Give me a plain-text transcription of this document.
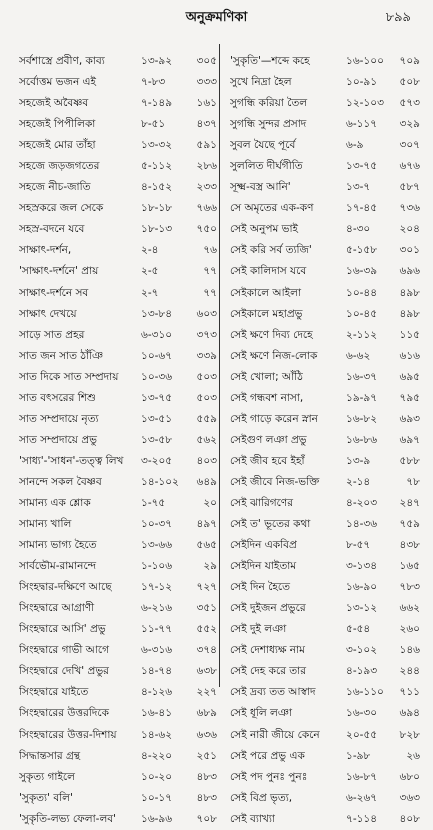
অনুক্রমণিকা	৮৯৯
সর্বশাস্ত্রে প্রবীণ, কাব্য	১৩-৯২ ৩০৫
সর্বোত্তম ভজন এই	৭-৮৩	৩৩৩
সহজেই অবৈষ্ণব	৭-১৪৯ ১৬১
সহজেই পিপীলিকা	৮-৫১	৪৩৭
সহজেই মোর তাঁহা	১৩-৩২ ৫৯১
সহজে জড়জগতের	৫-১১২ ২৮৬
সহজে নীচ-জাতি	৪-১৫২ ২৩৩
সহস্রকরে জল সেকে	১৮-১৮ ৭৬৬
সহস্র-বদনে যবে	১৮-১৩ ৭৫০
সাক্ষাৎ-দর্শন,	২-৪	৭৬
'সাক্ষাৎ-দর্শনে' প্রায়	২-৫	৭৭
সাক্ষাৎ-দর্শনে সব	২-৭	৭৭
সাক্ষাৎ দেখয়ে	১৩-৮৪ ৬০৩
সাড়ে সাত প্রহর	৬-৩১০ ৩৭৩
সাত জন সাত ঠাঁঞি	১০-৬৭ ৩৩৯
সাত দিকে সাত সম্প্রদায়	১০-৩৬ ৫০৩
সাত বৎসরের শিশু	১৩-৭৫ ৫০৩
সাত সম্প্রদায়ে নৃত্য	১৩-৫১ ৫৫৯
সাত সম্প্রদায়ে প্রভু	১৩-৫৮ ৫৬২
'সাধ্য'-'সাধন'-তত্ত্ব লিখ	৩-২০৫ ৪০৩
সানন্দে সকল বৈষ্ণব	১৪-১০২ ৬৪৯
সামান্য এক শ্লোক	১-৭৫	২০
সামান্য খালি	১০-৩৭ ৪৯৭
সামান্য ভাগ্য হৈতে	১৩-৬৬ ৫৬৫
সার্বভৌম-রামানন্দে	১-১০৬	২৯
সিংহদ্বার-দক্ষিণে আছে	১৭-১২ ৭২৭
সিংহদ্বারে আগ্রাণী	৬-২১৬ ৩৫১
সিংহদ্বারে আসি' প্রভু	১১-৭৭ ৫৫২
সিংহদ্বারে গাভী আগে	৬-৩১৬ ৩৭৪
সিংহদ্বারে দেখি' প্রভুর	১৪-৭৪ ৬৩৮
সিংহদ্বারে যাইতে	৪-১২৬ ২২৭
সিংহদ্বারের উত্তরদিকে	১৬-৪১ ৬৮৯
সিংহদ্বারের উত্তর-দিশায়	১৪-৬২ ৬৩৬
সিদ্ধান্তসার গ্রন্থ	৪-২২০ ২৫১
সুকৃত্য গাইলে	১০-২০ ৪৮৩
'সুকৃত্য' বলি'	১০-১৭ ৪৮৩
'সুকৃতি-লভ্য ফেলা-লব'	১৬-৯৬ ৭০৮
'সুকৃতি'—শব্দে কহে	১৬-১০০ ৭০৯
সুখে নিদ্রা হৈল	১০-৯১ ৫০৮
সুগন্ধি করিয়া তৈল	১২-১০৩ ৫৭৩
সুগন্ধি সুন্দর প্রসাদ	৬-১১৭ ৩২৯
সুবল যৈছে পূর্বে	৬-৯	৩০৭
সুললিত দীর্ঘগীতি	১৩-৭৫ ৬৭৬
সূক্ষ্ম-বস্ত্র আনি'	১৩-৭	৫৮৭
সে অমৃতের এক-কণ	১৭-৪৫ ৭৩৬
সেই অনুপম ভাই	৪-৩০	২০৪
সেই করি সর্ব ত্যজি'	৫-১৫৮ ৩০১
সেই কালিদাস যবে	১৬-৩৯ ৬৯৬
সেইকালে আইলা	১০-৪৪ ৪৯৮
সেইকালে মহাপ্রভু	১০-৪৫ ৪৯৮
সেই ক্ষণে দিব্য দেহে	২-১১২ ১১৫
সেই ক্ষণে নিজ-লোক	৬-৬২	৬১৬
সেই খোলা; আঁঠি	১৬-৩৭ ৬৯৫
সেই গন্ধবশ নাসা,	১৯-৯৭ ৭৯৫
সেই গাড়ে করেন স্নান	১৬-৮২ ৬৯৩
সেইগুণ লঞা প্রভু	১৬-৮৬ ৬৯৭
সেই জীব হবে ইহাঁ	১৩-৯	৫৮৮
সেই জীবে নিজ-ভক্তি	২-১৪	৭৮
সেই ঝারিগণের	৪-২০৩ ২৪৭
সেই ত' ভূতের কথা	১৪-৩৬ ৭৫৯
সেইদিন একবিপ্র	৮-৫৭	৪৩৮
সেইদিন যাইতাম	৩-১৩৪ ১৬৫
সেই দিন হৈতে	১৬-৯০ ৭৮৩
সেই দুইজন প্রভুরে	১৩-১২ ৬৬২
সেই দুই লঞা	৫-৫৪	২৬০
সেই দেশাধ্যক্ষ নাম	৩-১০২ ১৪৬
সেই দেহ করে তার	৪-১৯৩ ২৪৪
সেই দ্রব্য তত আস্বাদ	১৬-১১০ ৭১১
সেই ধূলি লঞা	১৬-৩০ ৬৯৪
সেই নারী জীয়ে কেনে	২০-৫৫ ৮২৮
সেই পরে প্রভু এক	১-৯৮	২৬
সেই পদ পুনঃ পুনঃ	১৬-৮৭ ৬৮০
সেই বিপ্র ভৃত্য,	৬-২৬৭ ৩৬৩
সেই ব্যাখ্যা	৭-১১৪ ৪০৮
